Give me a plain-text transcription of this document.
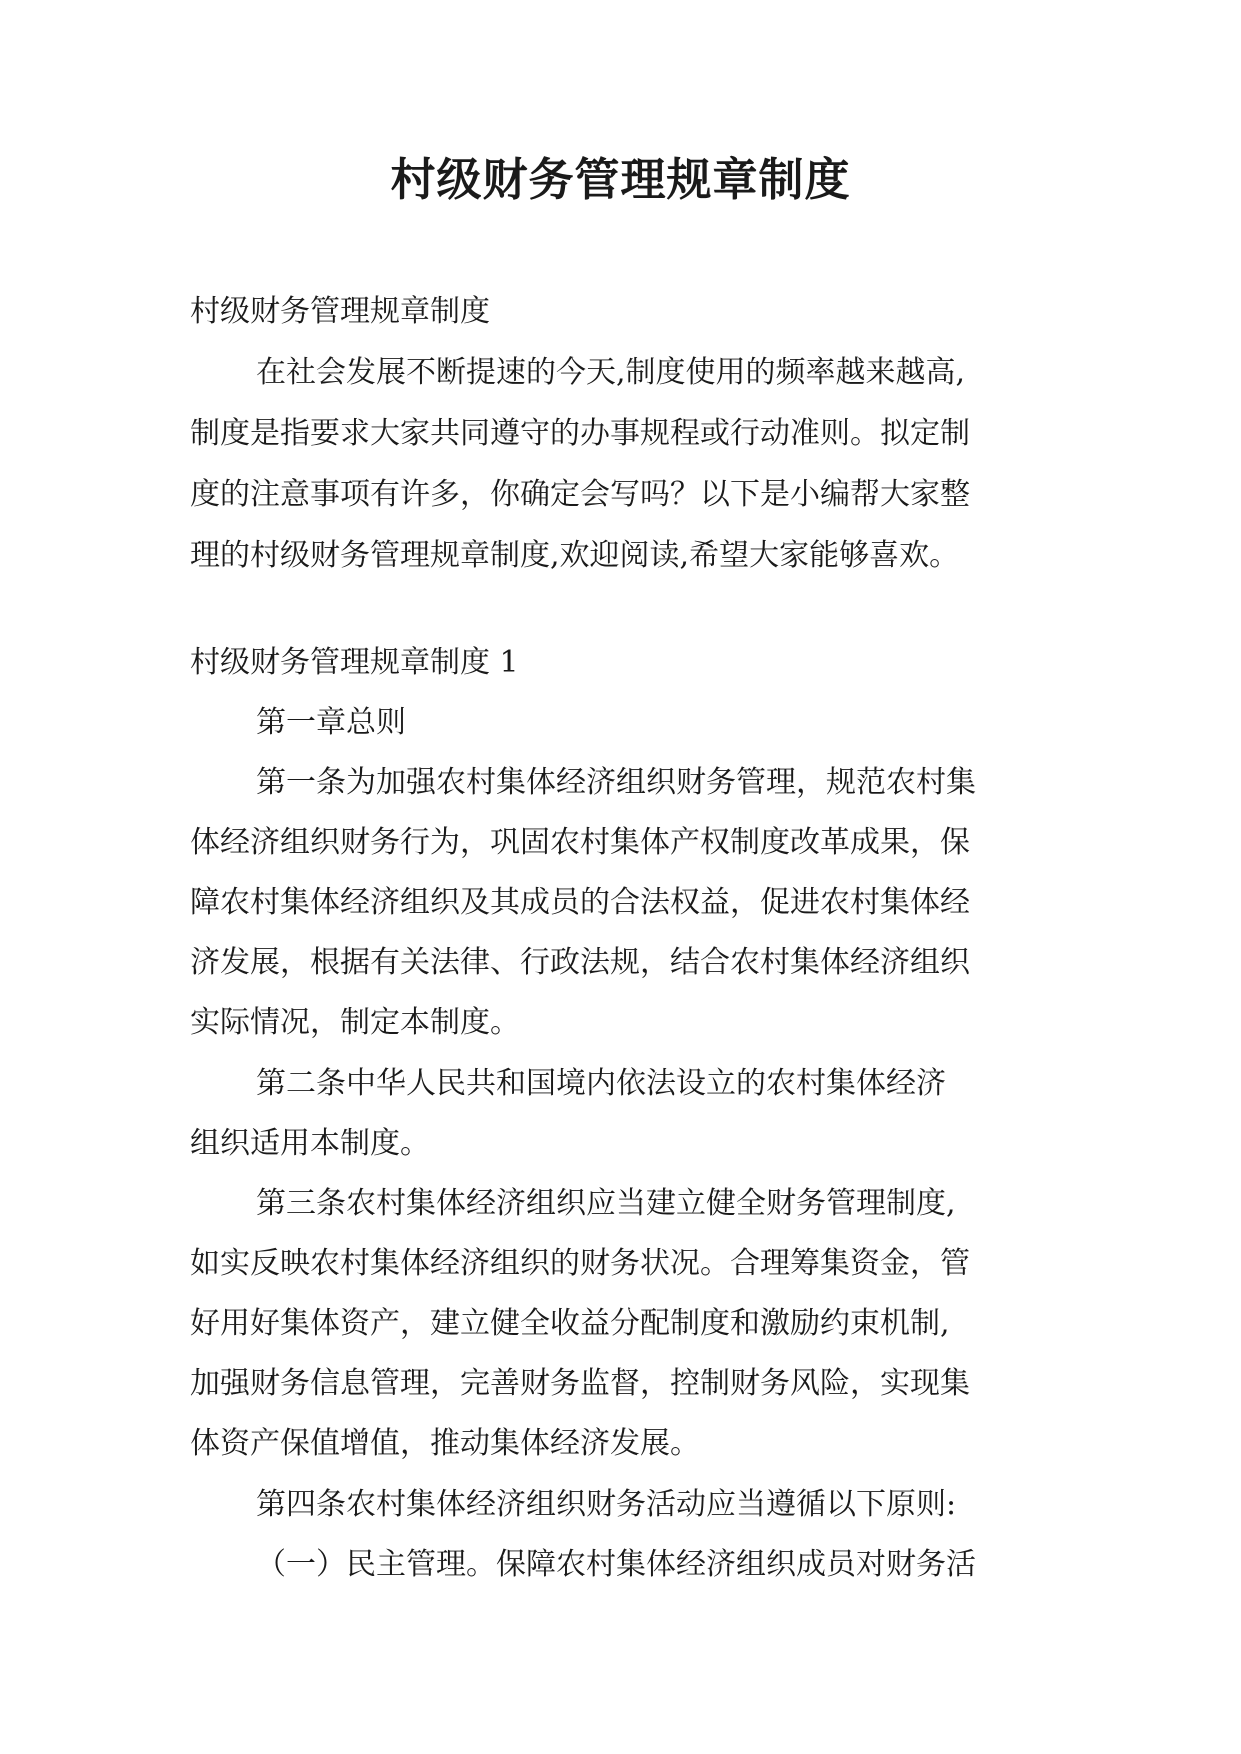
村级财务管理规章制度

村级财务管理规章制度

在社会发展不断提速的今天,制度使用的频率越来越高,

制度是指要求大家共同遵守的办事规程或行动准则。拟定制

度的注意事项有许多，你确定会写吗？以下是小编帮大家整

理的村级财务管理规章制度,欢迎阅读,希望大家能够喜欢。

村级财务管理规章制度 1

第一章总则

第一条为加强农村集体经济组织财务管理，规范农村集

体经济组织财务行为，巩固农村集体产权制度改革成果，保

障农村集体经济组织及其成员的合法权益，促进农村集体经

济发展，根据有关法律、行政法规，结合农村集体经济组织

实际情况，制定本制度。

第二条中华人民共和国境内依法设立的农村集体经济

组织适用本制度。

第三条农村集体经济组织应当建立健全财务管理制度,

如实反映农村集体经济组织的财务状况。合理筹集资金，管

好用好集体资产，建立健全收益分配制度和激励约束机制,

加强财务信息管理，完善财务监督，控制财务风险，实现集

体资产保值增值，推动集体经济发展。

第四条农村集体经济组织财务活动应当遵循以下原则:

（一）民主管理。保障农村集体经济组织成员对财务活
